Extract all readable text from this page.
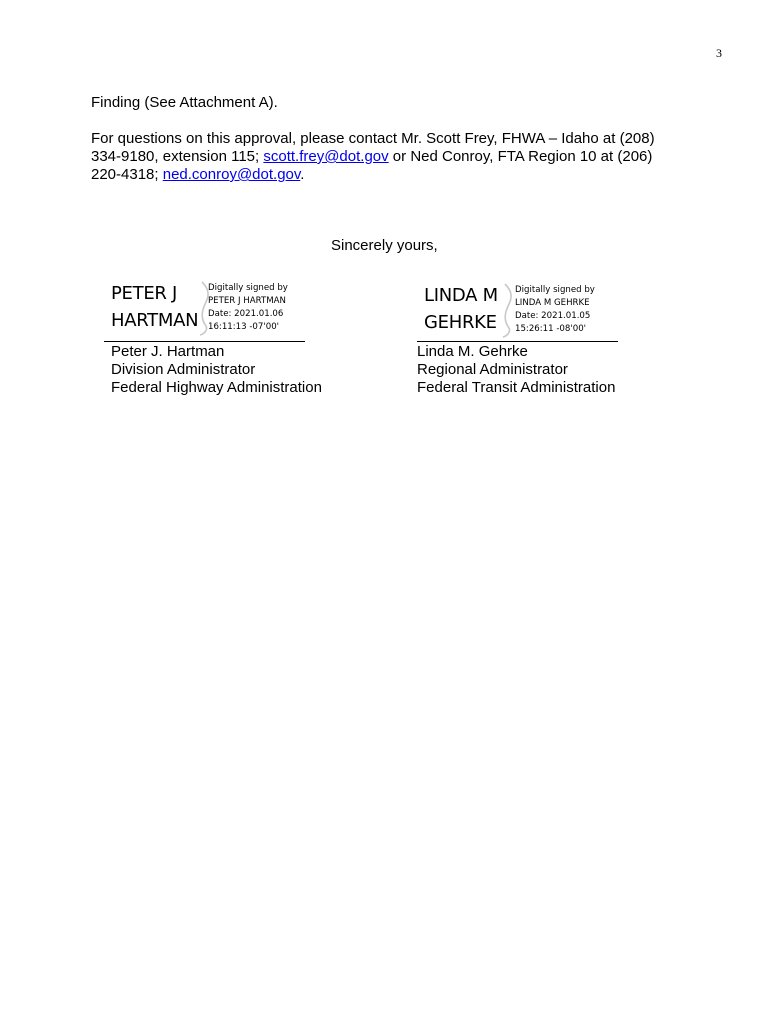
3
Finding (See Attachment A).
For questions on this approval, please contact Mr. Scott Frey, FHWA – Idaho at (208)
334-9180, extension 115; scott.frey@dot.gov or Ned Conroy, FTA Region 10 at (206)
220-4318; ned.conroy@dot.gov.
Sincerely yours,
PETER J
HARTMAN
Digitally signed by
PETER J HARTMAN
Date: 2021.01.06
16:11:13 -07'00'
LINDA M
GEHRKE
Digitally signed by
LINDA M GEHRKE
Date: 2021.01.05
15:26:11 -08'00'
Peter J. Hartman
Division Administrator
Federal Highway Administration
Linda M. Gehrke
Regional Administrator
Federal Transit Administration
